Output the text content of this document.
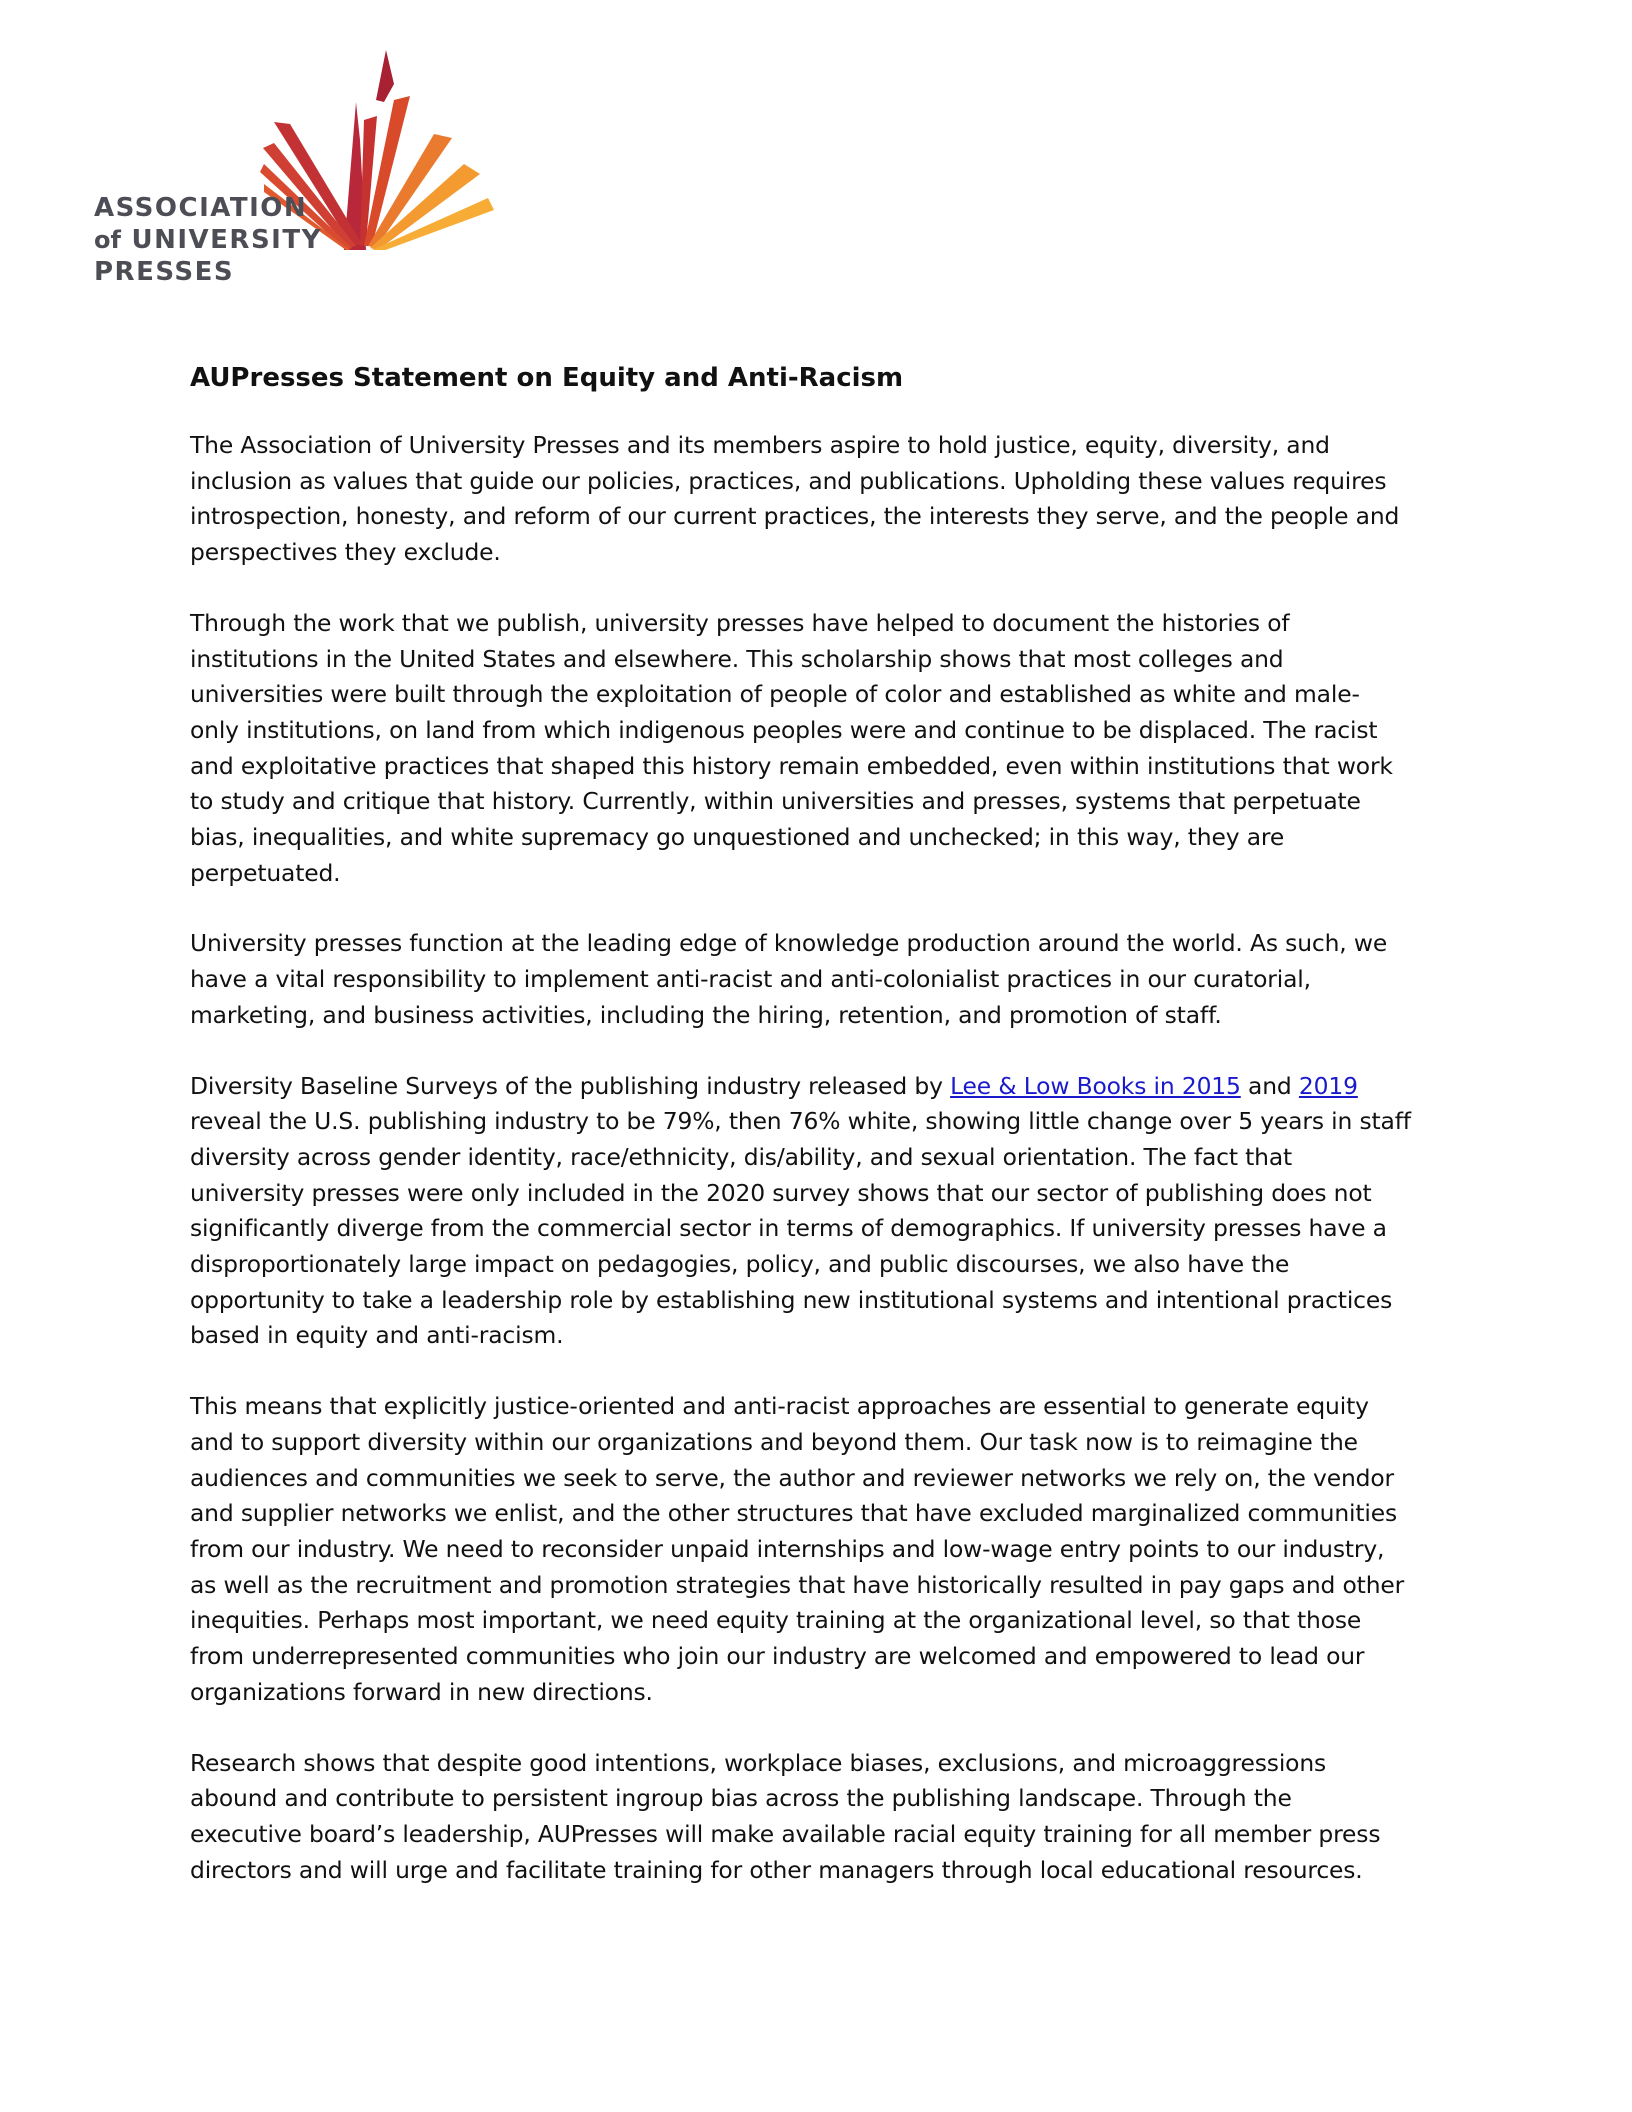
ASSOCIATION
of UNIVERSITY
PRESSES
AUPresses Statement on Equity and Anti-Racism
The Association of University Presses and its members aspire to hold justice, equity, diversity, and
inclusion as values that guide our policies, practices, and publications. Upholding these values requires
introspection, honesty, and reform of our current practices, the interests they serve, and the people and
perspectives they exclude.
Through the work that we publish, university presses have helped to document the histories of
institutions in the United States and elsewhere. This scholarship shows that most colleges and
universities were built through the exploitation of people of color and established as white and male-
only institutions, on land from which indigenous peoples were and continue to be displaced. The racist
and exploitative practices that shaped this history remain embedded, even within institutions that work
to study and critique that history. Currently, within universities and presses, systems that perpetuate
bias, inequalities, and white supremacy go unquestioned and unchecked; in this way, they are
perpetuated.
University presses function at the leading edge of knowledge production around the world. As such, we
have a vital responsibility to implement anti-racist and anti-colonialist practices in our curatorial,
marketing, and business activities, including the hiring, retention, and promotion of staff.
Diversity Baseline Surveys of the publishing industry released by Lee & Low Books in 2015 and 2019
reveal the U.S. publishing industry to be 79%, then 76% white, showing little change over 5 years in staff
diversity across gender identity, race/ethnicity, dis/ability, and sexual orientation. The fact that
university presses were only included in the 2020 survey shows that our sector of publishing does not
significantly diverge from the commercial sector in terms of demographics. If university presses have a
disproportionately large impact on pedagogies, policy, and public discourses, we also have the
opportunity to take a leadership role by establishing new institutional systems and intentional practices
based in equity and anti-racism.
This means that explicitly justice-oriented and anti-racist approaches are essential to generate equity
and to support diversity within our organizations and beyond them. Our task now is to reimagine the
audiences and communities we seek to serve, the author and reviewer networks we rely on, the vendor
and supplier networks we enlist, and the other structures that have excluded marginalized communities
from our industry. We need to reconsider unpaid internships and low-wage entry points to our industry,
as well as the recruitment and promotion strategies that have historically resulted in pay gaps and other
inequities. Perhaps most important, we need equity training at the organizational level, so that those
from underrepresented communities who join our industry are welcomed and empowered to lead our
organizations forward in new directions.
Research shows that despite good intentions, workplace biases, exclusions, and microaggressions
abound and contribute to persistent ingroup bias across the publishing landscape. Through the
executive board’s leadership, AUPresses will make available racial equity training for all member press
directors and will urge and facilitate training for other managers through local educational resources.
